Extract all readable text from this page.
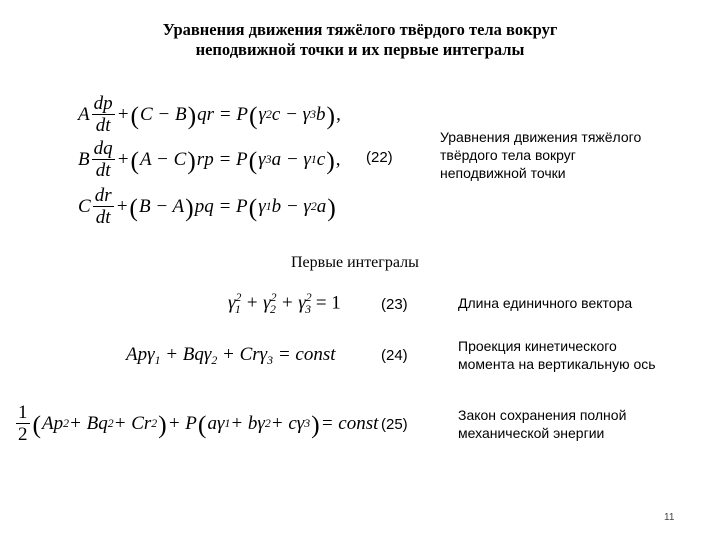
Уравнения движения тяжёлого твёрдого тела вокруг
неподвижной точки и их первые интегралы
A $\frac{dp}{dt}$ + ( C − B ) qr = P ( γ 2 c − γ 3 b ) ,
B $\frac{dq}{dt}$ + ( A − C ) rp = P ( γ 3 a − γ 1 c ) ,
C $\frac{dr}{dt}$ + ( B − A ) pq = P ( γ 1 b − γ 2 a )
(22)
Уравнения движения тяжёлого
твёрдого тела вокруг
неподвижной точки
Первые интегралы
$\gamma^2_1 + \gamma^2_2 + \gamma^2_3 = 1$	(23)	Длина единичного вектора
Apγ$_1$ + Bqγ$_2$ + Crγ$_3$ = const	(24)
Проекция кинетического
момента на вертикальную ось
$\frac{1}{2}$ ( Ap 2 + Bq 2 + Cr 2 ) + P ( aγ 1 + bγ 2 + cγ 3 ) = const (25)
Закон сохранения полной
механической энергии
11
